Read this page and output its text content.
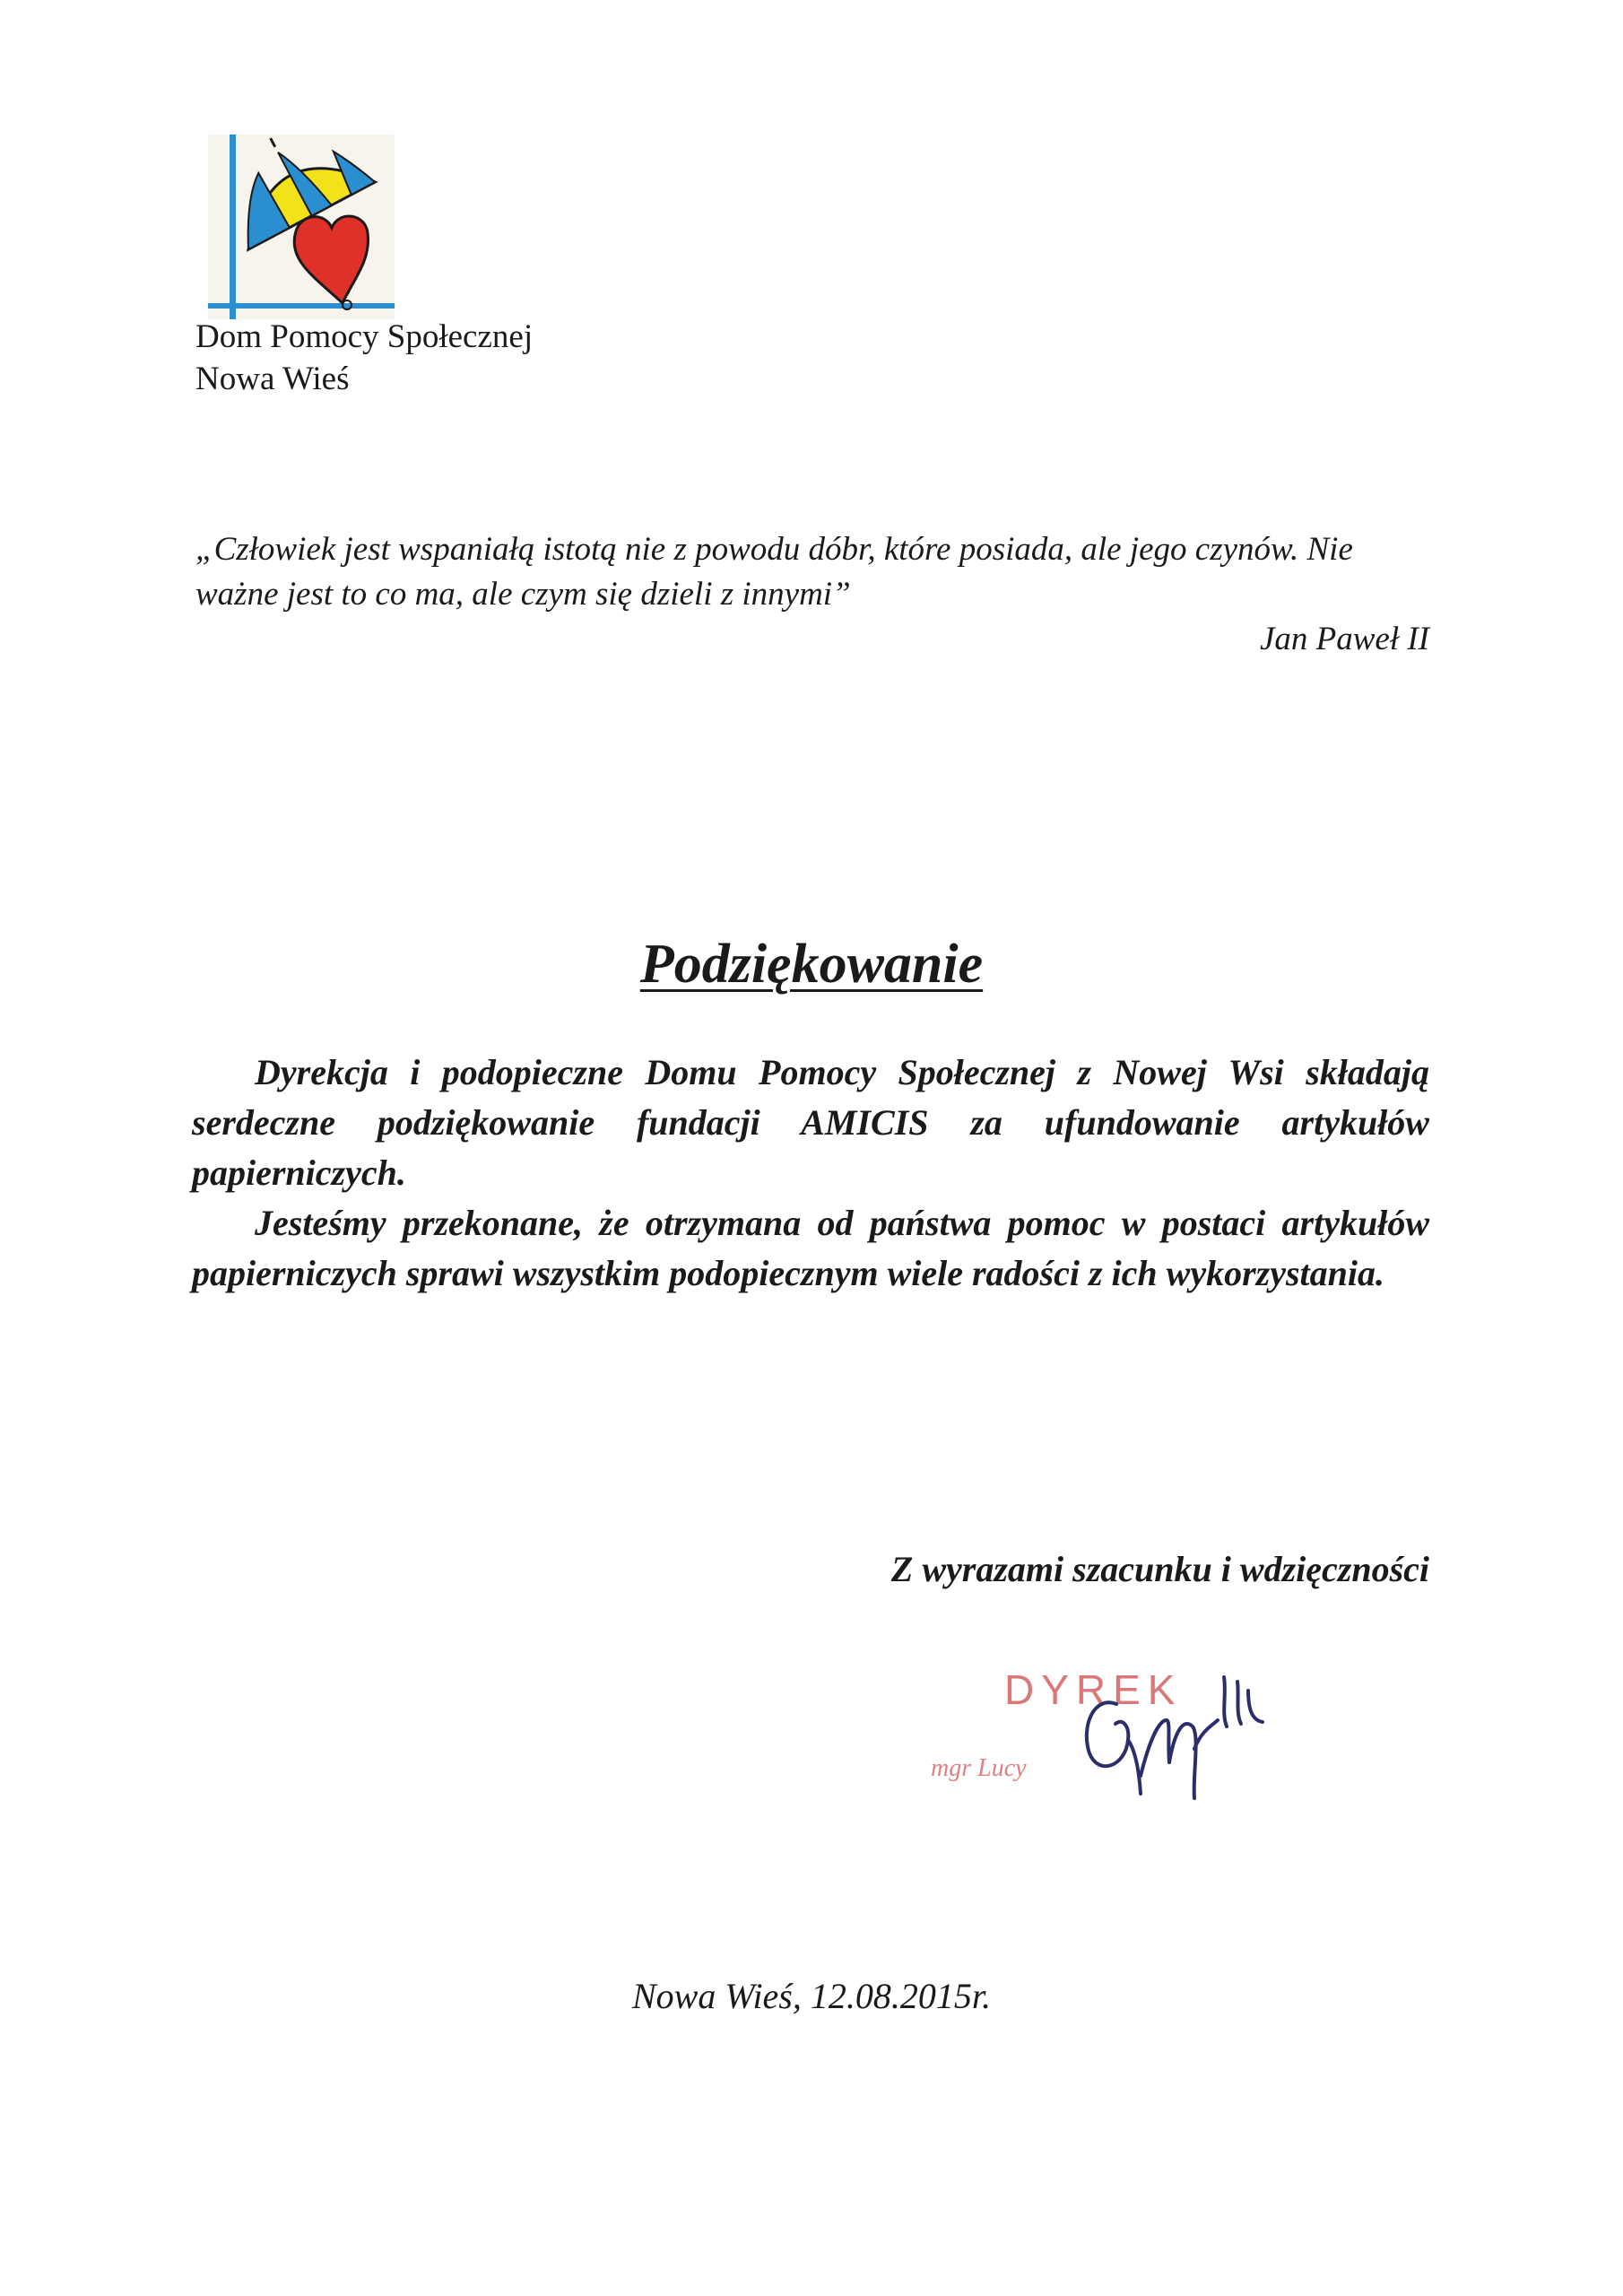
Dom Pomocy Społecznej
Nowa Wieś
„Człowiek jest wspaniałą istotą nie z powodu dóbr, które posiada, ale jego czynów. Nie ważne jest to co ma, ale czym się dzieli z innymi”
Jan Paweł II
Podziękowanie

Dyrekcja i podopieczne Domu Pomocy Społecznej z Nowej Wsi składają serdeczne podziękowanie fundacji AMICIS za ufundowanie artykułów papierniczych.

Jesteśmy przekonane, że otrzymana od państwa pomoc w postaci artykułów papierniczych sprawi wszystkim podopiecznym wiele radości z ich wykorzystania.

Z wyrazami szacunku i wdzięczności
DYREK
mgr Lucy
Nowa Wieś, 12.08.2015r.
